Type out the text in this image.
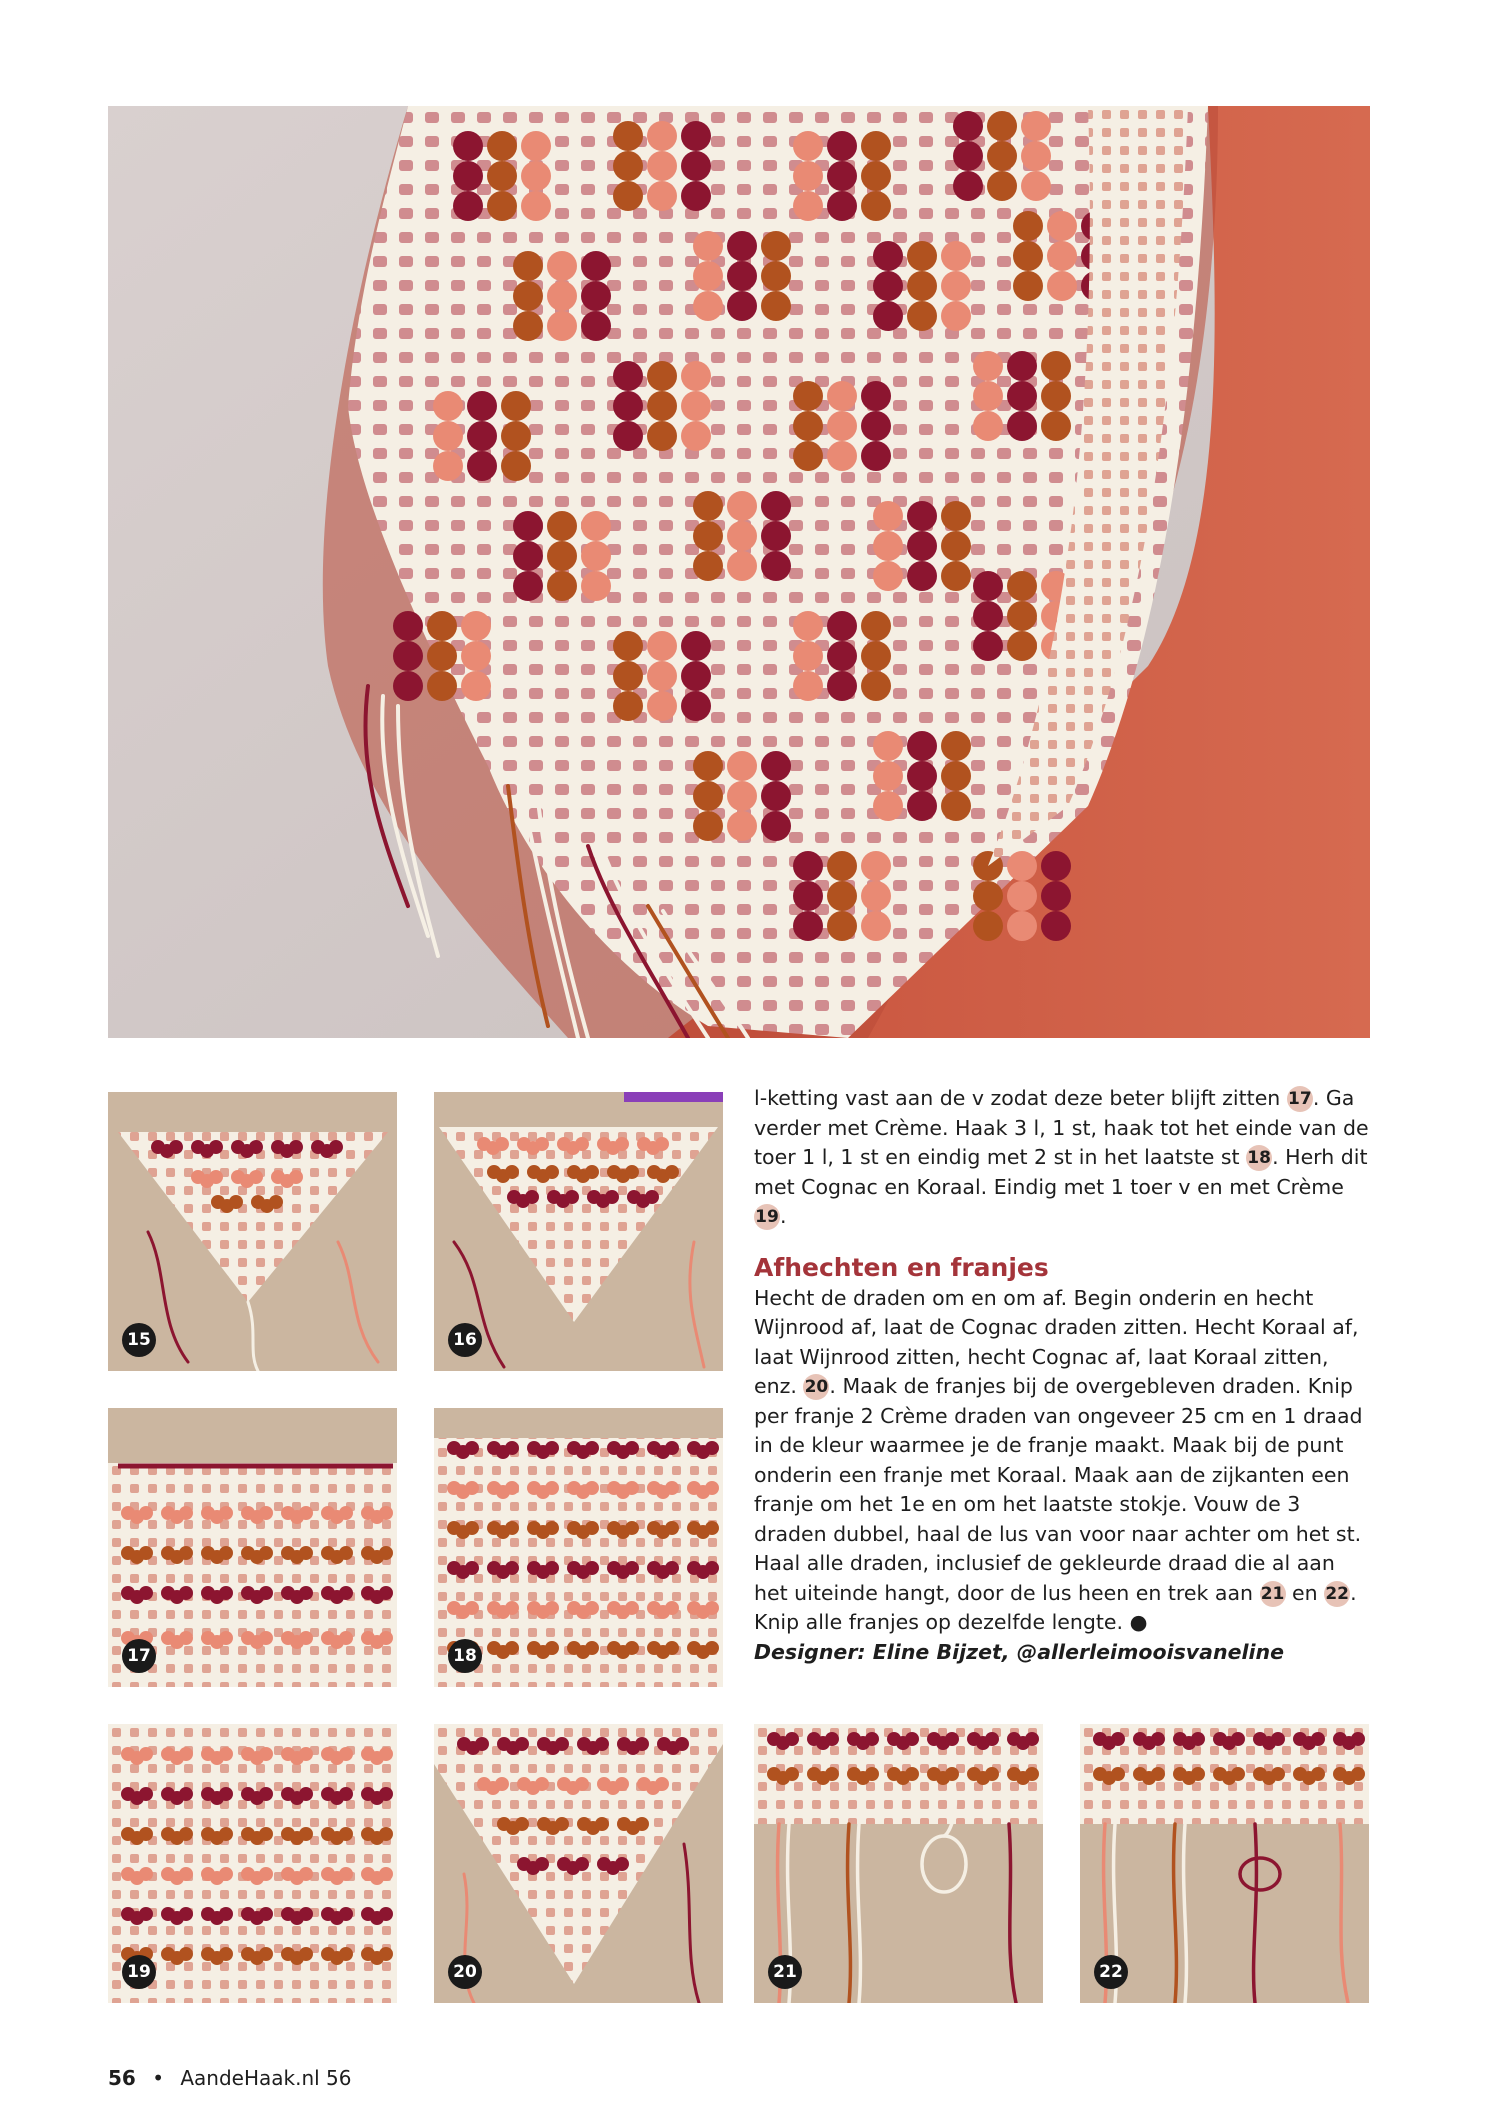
15	16
17	18
19	20	21	22

l-ketting vast aan de v zodat deze beter blijft zitten 17. Ga verder met Crème. Haak 3 l, 1 st, haak tot het einde van de toer 1 l, 1 st en eindig met 2 st in het laatste st 18. Herh dit met Cognac en Koraal. Eindig met 1 toer v en met Crème 19.

Afhechten en franjes

Hecht de draden om en om af. Begin onderin en hecht Wijnrood af, laat de Cognac draden zitten. Hecht Koraal af, laat Wijnrood zitten, hecht Cognac af, laat Koraal zitten, enz. 20. Maak de franjes bij de overgebleven draden. Knip per franje 2 Crème draden van ongeveer 25 cm en 1 draad in de kleur waarmee je de franje maakt. Maak bij de punt onderin een franje met Koraal. Maak aan de zijkanten een franje om het 1e en om het laatste stokje. Vouw de 3 draden dubbel, haal de lus van voor naar achter om het st. Haal alle draden, inclusief de gekleurde draad die al aan het uiteinde hangt, door de lus heen en trek aan 21 en 22. Knip alle franjes op dezelfde lengte. ●

Designer: Eline Bijzet, @allerleimooisvaneline

56 • AandeHaak.nl 56
